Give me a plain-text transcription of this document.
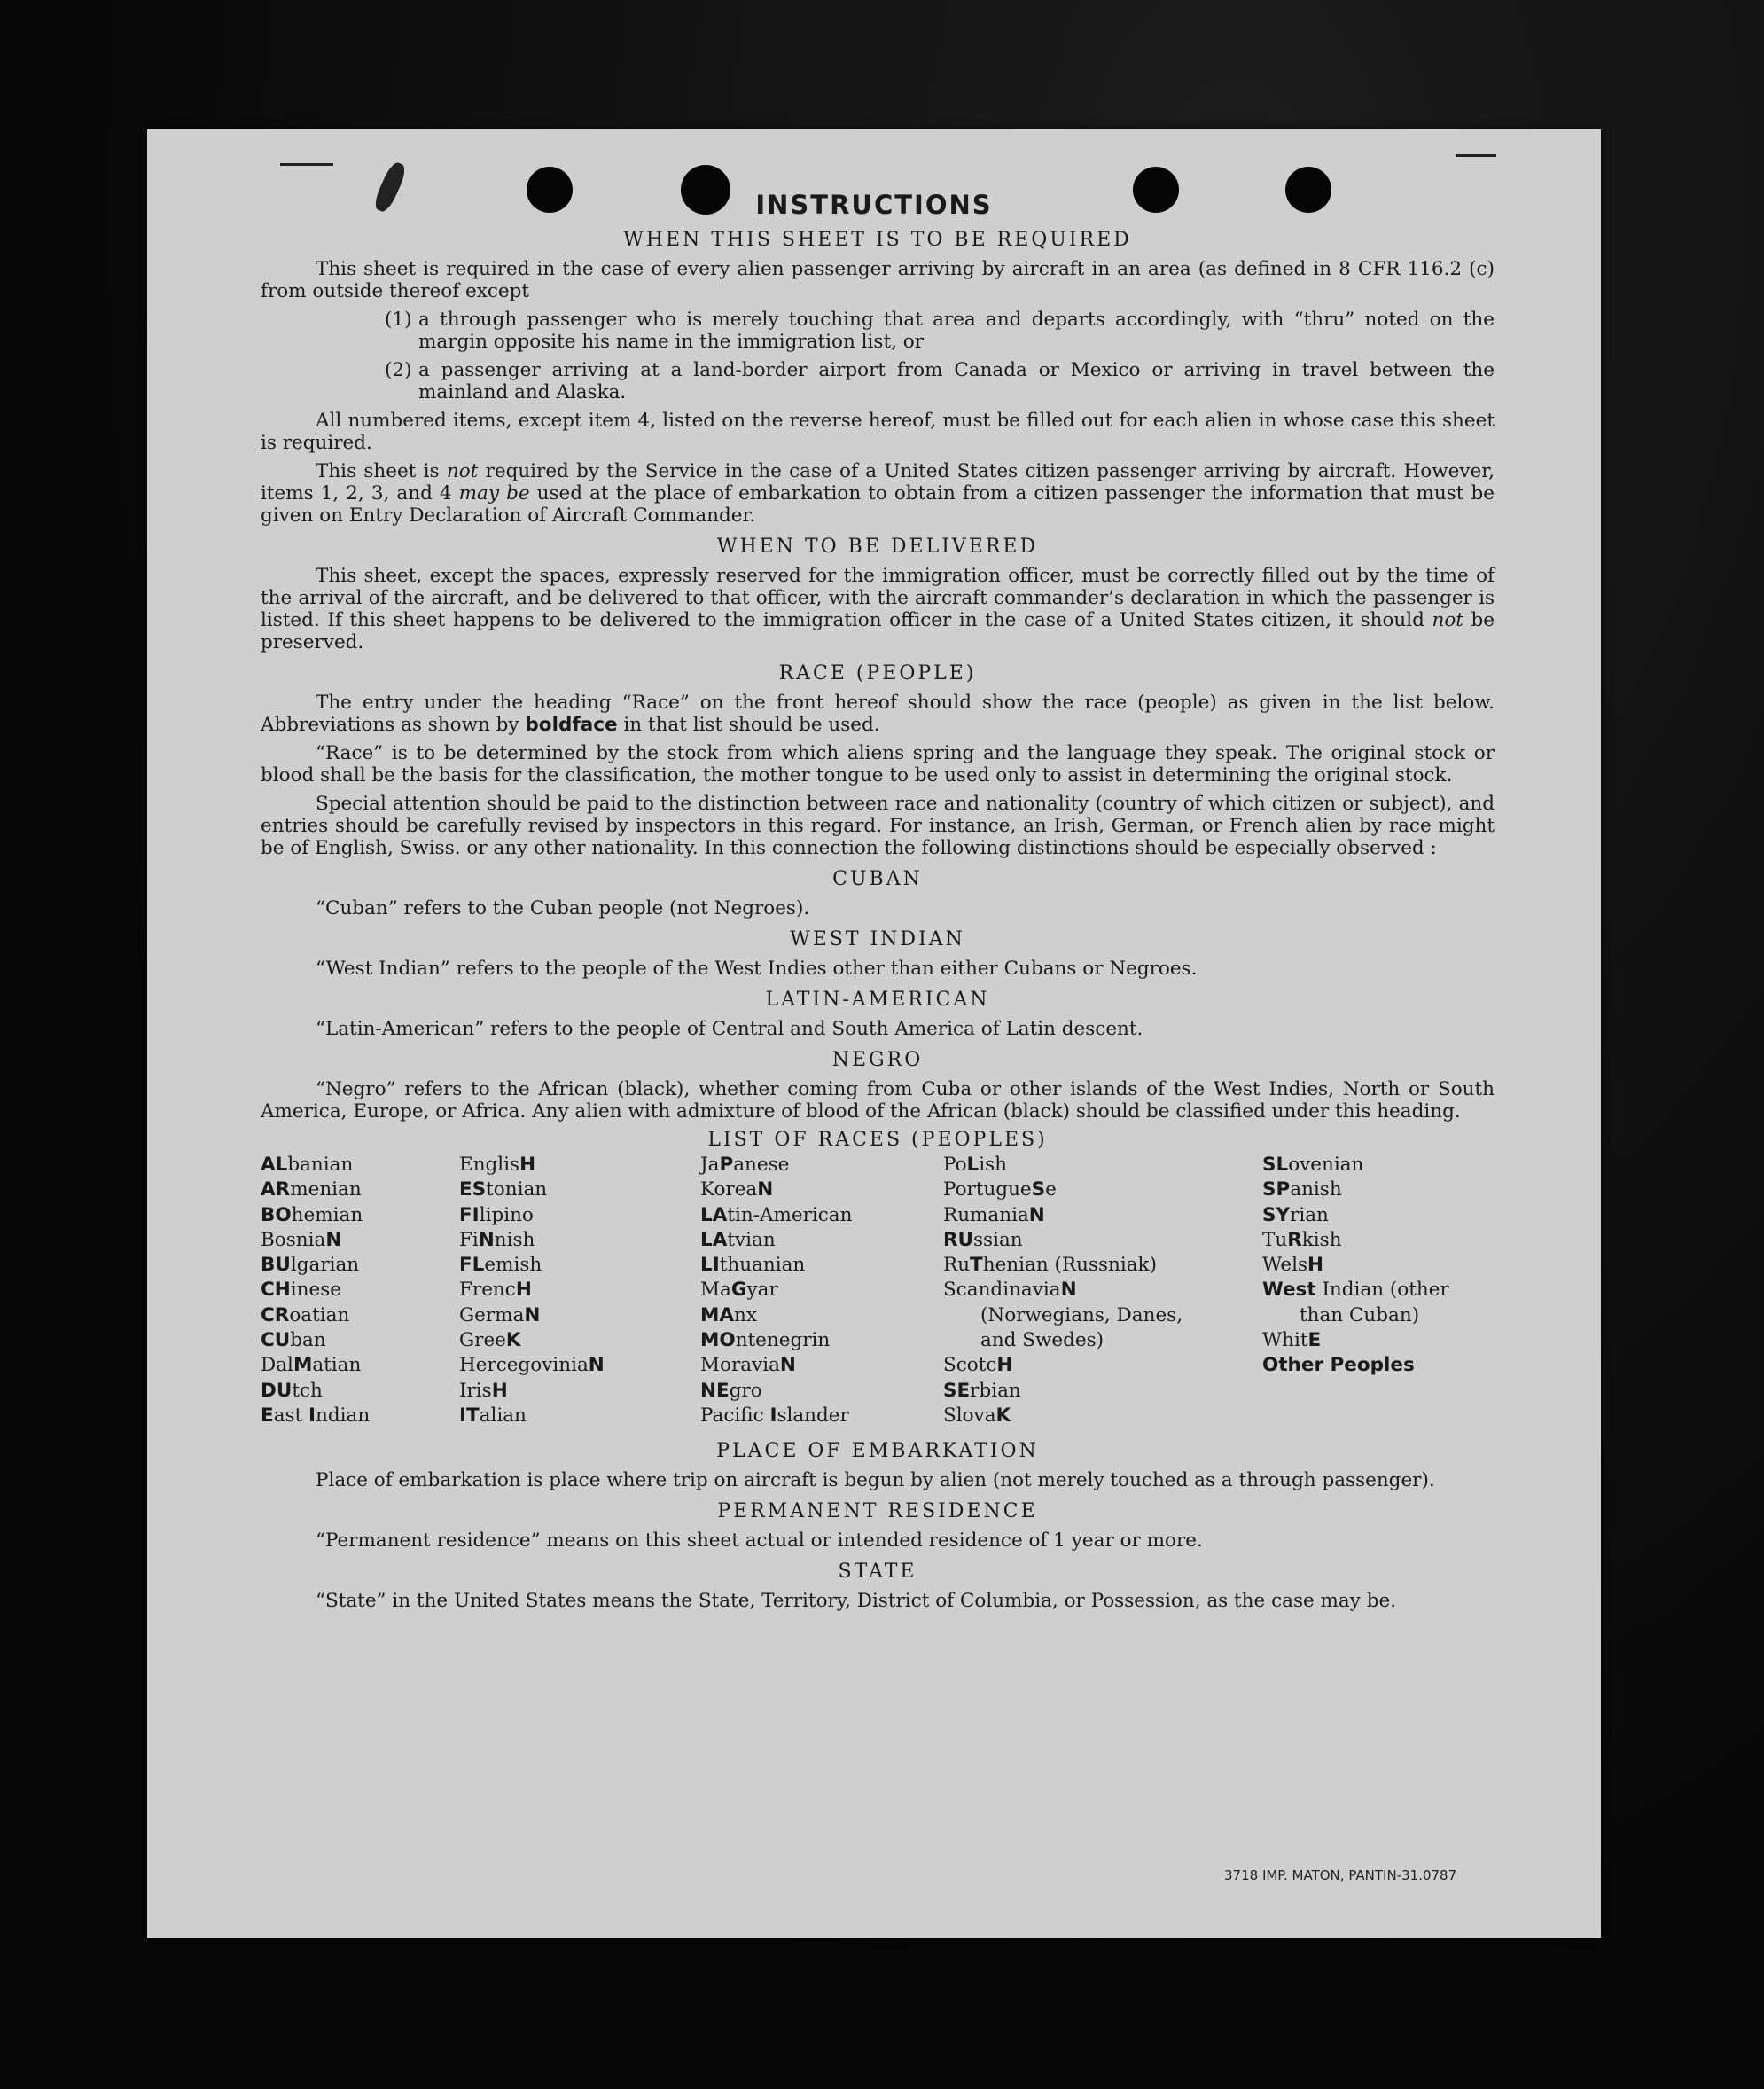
INSTRUCTIONS
WHEN THIS SHEET IS TO BE REQUIRED

This sheet is required in the case of every alien passenger arriving by aircraft in an area (as defined in 8 CFR 116.2 (c) from outside thereof except

(1) a through passenger who is merely touching that area and departs accordingly, with “thru” noted on the margin opposite his name in the immigration list, or

(2) a passenger arriving at a land-border airport from Canada or Mexico or arriving in travel between the mainland and Alaska.

All numbered items, except item 4, listed on the reverse hereof, must be filled out for each alien in whose case this sheet is required.

This sheet is not required by the Service in the case of a United States citizen passenger arriving by aircraft. However, items 1, 2, 3, and 4 may be used at the place of embarkation to obtain from a citizen passenger the information that must be given on Entry Declaration of Aircraft Commander.

WHEN TO BE DELIVERED

This sheet, except the spaces, expressly reserved for the immigration officer, must be correctly filled out by the time of the arrival of the aircraft, and be delivered to that officer, with the aircraft commander’s declaration in which the passenger is listed. If this sheet happens to be delivered to the immigration officer in the case of a United States citizen, it should not be preserved.

RACE (PEOPLE)

The entry under the heading “Race” on the front hereof should show the race (people) as given in the list below. Abbreviations as shown by boldface in that list should be used.

“Race” is to be determined by the stock from which aliens spring and the language they speak. The original stock or blood shall be the basis for the classification, the mother tongue to be used only to assist in determining the original stock.

Special attention should be paid to the distinction between race and nationality (country of which citizen or subject), and entries should be carefully revised by inspectors in this regard. For instance, an Irish, German, or French alien by race might be of English, Swiss. or any other nationality. In this connection the following distinctions should be especially observed :

CUBAN

“Cuban” refers to the Cuban people (not Negroes).

WEST INDIAN

“West Indian” refers to the people of the West Indies other than either Cubans or Negroes.

LATIN-AMERICAN

“Latin-American” refers to the people of Central and South America of Latin descent.

NEGRO

“Negro” refers to the African (black), whether coming from Cuba or other islands of the West Indies, North or South America, Europe, or Africa. Any alien with admixture of blood of the African (black) should be classified under this heading.

LIST OF RACES (PEOPLES)
ALbanian
ARmenian
BOhemian
BosniaN
BUlgarian
CHinese
CRoatian
CUban
DalMatian
DUtch
East Indian
EnglisH
EStonian
FIlipino
FiNnish
FLemish
FrencH
GermaN
GreeK
HercegoviniaN
IrisH
ITalian
JaPanese
KoreaN
LAtin-American
LAtvian
LIthuanian
MaGyar
MAnx
MOntenegrin
MoraviaN
NEgro
Pacific Islander
PoLish
PortugueSe
RumaniaN
RUssian
RuThenian (Russniak)
ScandinaviaN (Norwegians, Danes, and Swedes)
ScotcH
SErbian
SlovaK
SLovenian
SPanish
SYrian
TuRkish
WelsH
West Indian (other than Cuban)
WhitE
Other Peoples
PLACE OF EMBARKATION

Place of embarkation is place where trip on aircraft is begun by alien (not merely touched as a through passenger).

PERMANENT RESIDENCE

“Permanent residence” means on this sheet actual or intended residence of 1 year or more.

STATE

“State” in the United States means the State, Territory, District of Columbia, or Possession, as the case may be.

3718 IMP. MATON, PANTIN-31.0787
